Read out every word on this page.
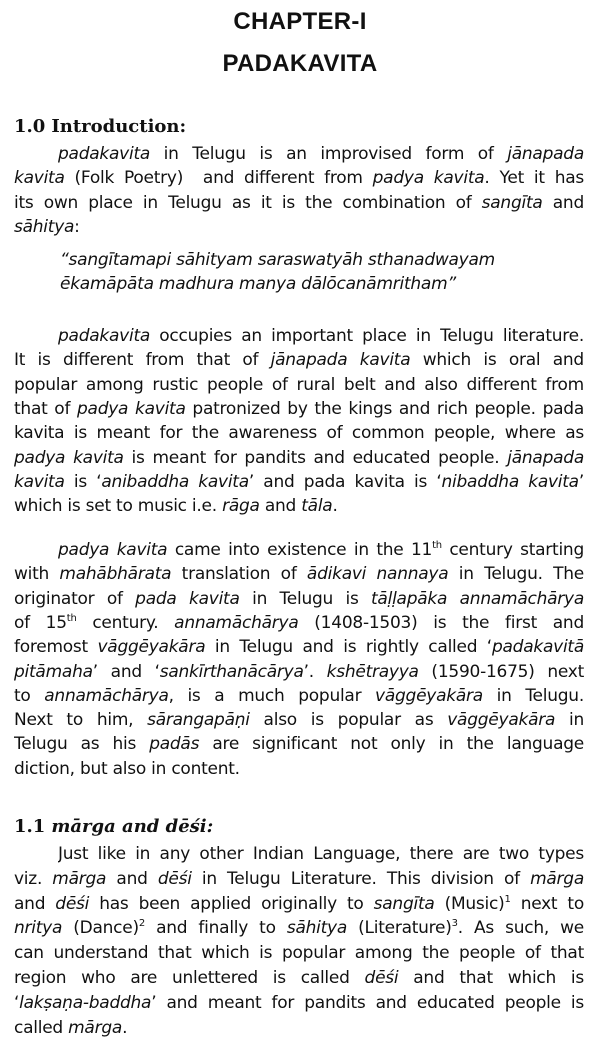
CHAPTER-I
PADAKAVITA
1.0 Introduction:
padakavita in Telugu is an improvised form of jānapada
kavita (Folk Poetry)  and different from padya kavita. Yet it has
its own place in Telugu as it is the combination of sangīta and
sāhitya:
“sangītamapi sāhityam saraswatyāh sthanadwayam
ēkamāpāta madhura manya dālōcanāmritham”
padakavita occupies an important place in Telugu literature.
It is different from that of jānapada kavita which is oral and
popular among rustic people of rural belt and also different from
that of padya kavita patronized by the kings and rich people. pada
kavita is meant for the awareness of common people, where as
padya kavita is meant for pandits and educated people. jānapada
kavita is ‘anibaddha kavita’ and pada kavita is ‘nibaddha kavita’
which is set to music i.e. rāga and tāla.
padya kavita came into existence in the 11th century starting
with mahābhārata translation of ādikavi nannaya in Telugu. The
originator of pada kavita in Telugu is tāḷḷapāka annamāchārya
of 15th century. annamāchārya (1408-1503) is the first and
foremost vāggēyakāra in Telugu and is rightly called ‘padakavitā
pitāmaha’ and ‘sankīrthanācārya’. kshētrayya (1590-1675) next
to annamāchārya, is a much popular vāggēyakāra in Telugu.
Next to him, sārangapāṇi also is popular as vāggēyakāra in
Telugu as his padās are significant not only in the language
diction, but also in content.
1.1 mārga and dēśi:
Just like in any other Indian Language, there are two types
viz. mārga and dēśi in Telugu Literature. This division of mārga
and dēśi has been applied originally to sangīta (Music)$^1$ next to
nritya (Dance)$^2$ and finally to sāhitya (Literature)$^3$. As such, we
can understand that which is popular among the people of that
region who are unlettered is called dēśi and that which is
‘lakṣaṇa-baddha’ and meant for pandits and educated people is
called mārga.
